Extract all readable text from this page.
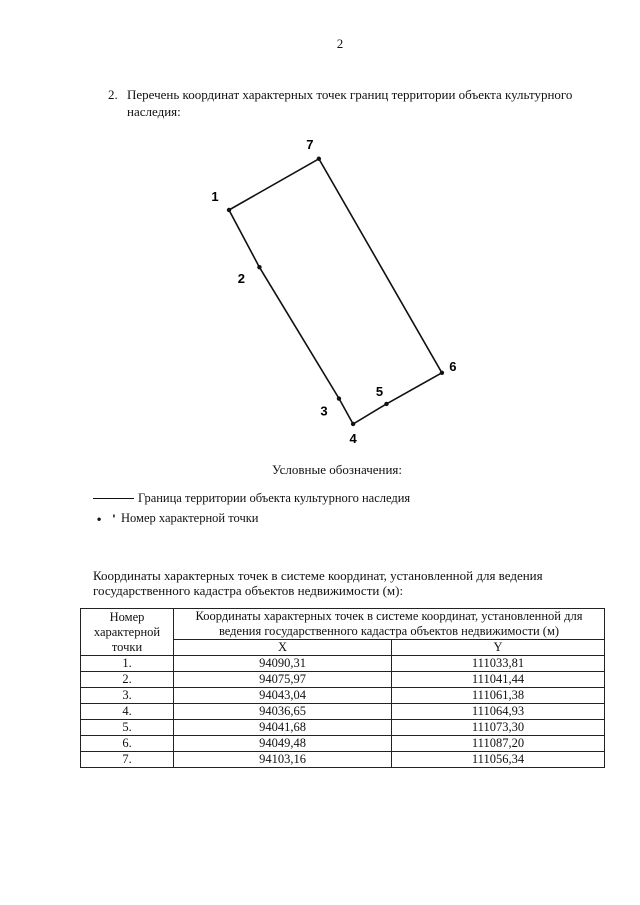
2
2. Перечень координат характерных точек границ территории объекта культурного
наследия:
1
2
3
4
5
6
7
Условные обозначения:
Граница территории объекта культурного наследия
• ' Номер характерной точки
Координаты характерных точек в системе координат, установленной для ведения государственного кадастра объектов недвижимости (м):
Номер характерной точки	Координаты характерных точек в системе координат, установленной для
ведения государственного кадастра объектов недвижимости (м)	
	X	Y
1.	94090,31	111033,81
2.	94075,97	111041,44
3.	94043,04	111061,38
4.	94036,65	111064,93
5.	94041,68	111073,30
6.	94049,48	111087,20
7.	94103,16	111056,34
